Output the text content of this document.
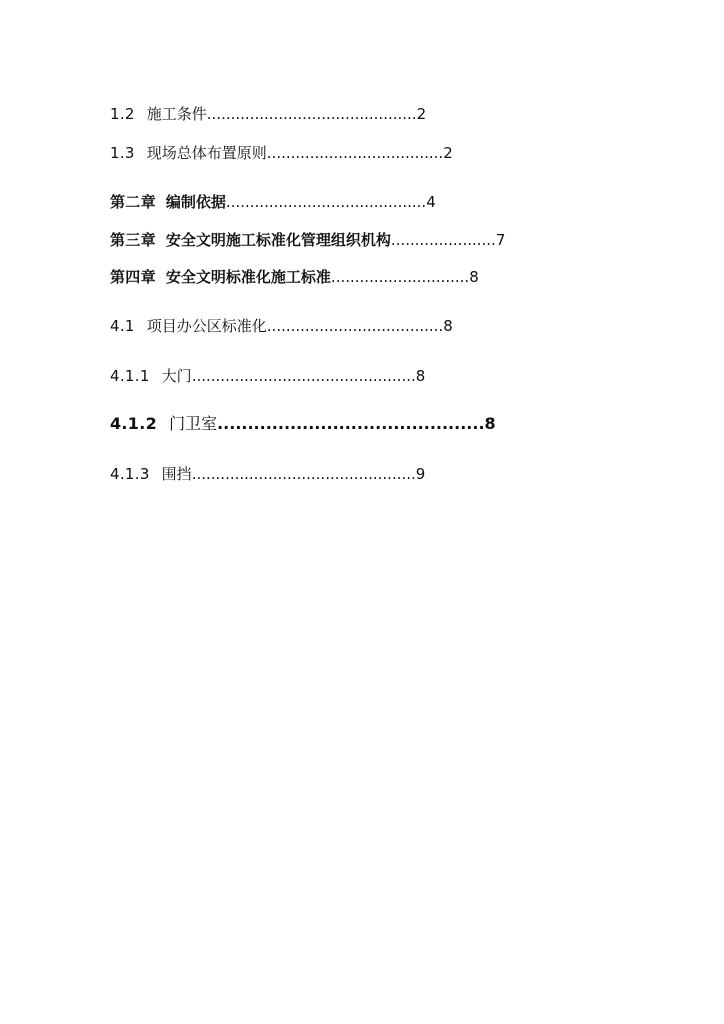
1.2 施工条件............................................2
1.3 现场总体布置原则.....................................2
第二章 编制依据..........................................4
第三章 安全文明施工标准化管理组织机构......................7
第四章 安全文明标准化施工标准.............................8
4.1 项目办公区标准化.....................................8
4.1.1 大门...............................................8
4.1.2 门卫室............................................8
4.1.3 围挡...............................................9
